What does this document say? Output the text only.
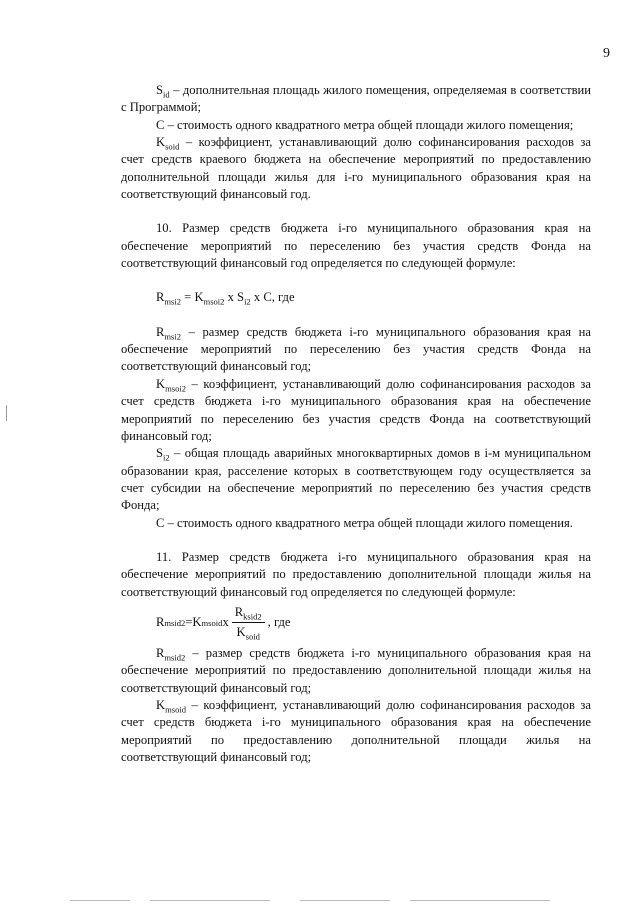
9

$S_{id}$ – дополнительная площадь жилого помещения, определяемая в соответствии с Программой;

С – стоимость одного квадратного метра общей площади жилого помещения;

$K_{soid}$ – коэффициент, устанавливающий долю софинансирования расходов за счет средств краевого бюджета на обеспечение мероприятий по предоставлению дополнительной площади жилья для i-го муниципального образования края на соответствующий финансовый год.

10. Размер средств бюджета i-го муниципального образования края на обеспечение мероприятий по переселению без участия средств Фонда на соответствующий финансовый год определяется по следующей формуле:

$R_{msi2} = K_{msoi2}$ x $S_{i2}$ x C, где

$R_{msi2}$ – размер средств бюджета i-го муниципального образования края на обеспечение мероприятий по переселению без участия средств Фонда на соответствующий финансовый год;

$K_{msoi2}$ – коэффициент, устанавливающий долю софинансирования расходов за счет средств бюджета i-го муниципального образования края на обеспечение мероприятий по переселению без участия средств Фонда на соответствующий финансовый год;

$S_{i2}$ – общая площадь аварийных многоквартирных домов в i-м муниципальном образовании края, расселение которых в соответствующем году осуществляется за счет субсидии на обеспечение мероприятий по переселению без участия средств Фонда;

С – стоимость одного квадратного метра общей площади жилого помещения.

11. Размер средств бюджета i-го муниципального образования края на обеспечение мероприятий по предоставлению дополнительной площади жилья на соответствующий финансовый год определяется по следующей формуле:

R msid2 = K msoid x $\frac{R_{ksid2}}{K_{soid}}$ , где

$R_{msid2}$ – размер средств бюджета i-го муниципального образования края на обеспечение мероприятий по предоставлению дополнительной площади жилья на соответствующий финансовый год;

$K_{msoid}$ – коэффициент, устанавливающий долю софинансирования расходов за счет средств бюджета i-го муниципального образования края на обеспечение мероприятий по предоставлению дополнительной площади жилья на соответствующий финансовый год;
